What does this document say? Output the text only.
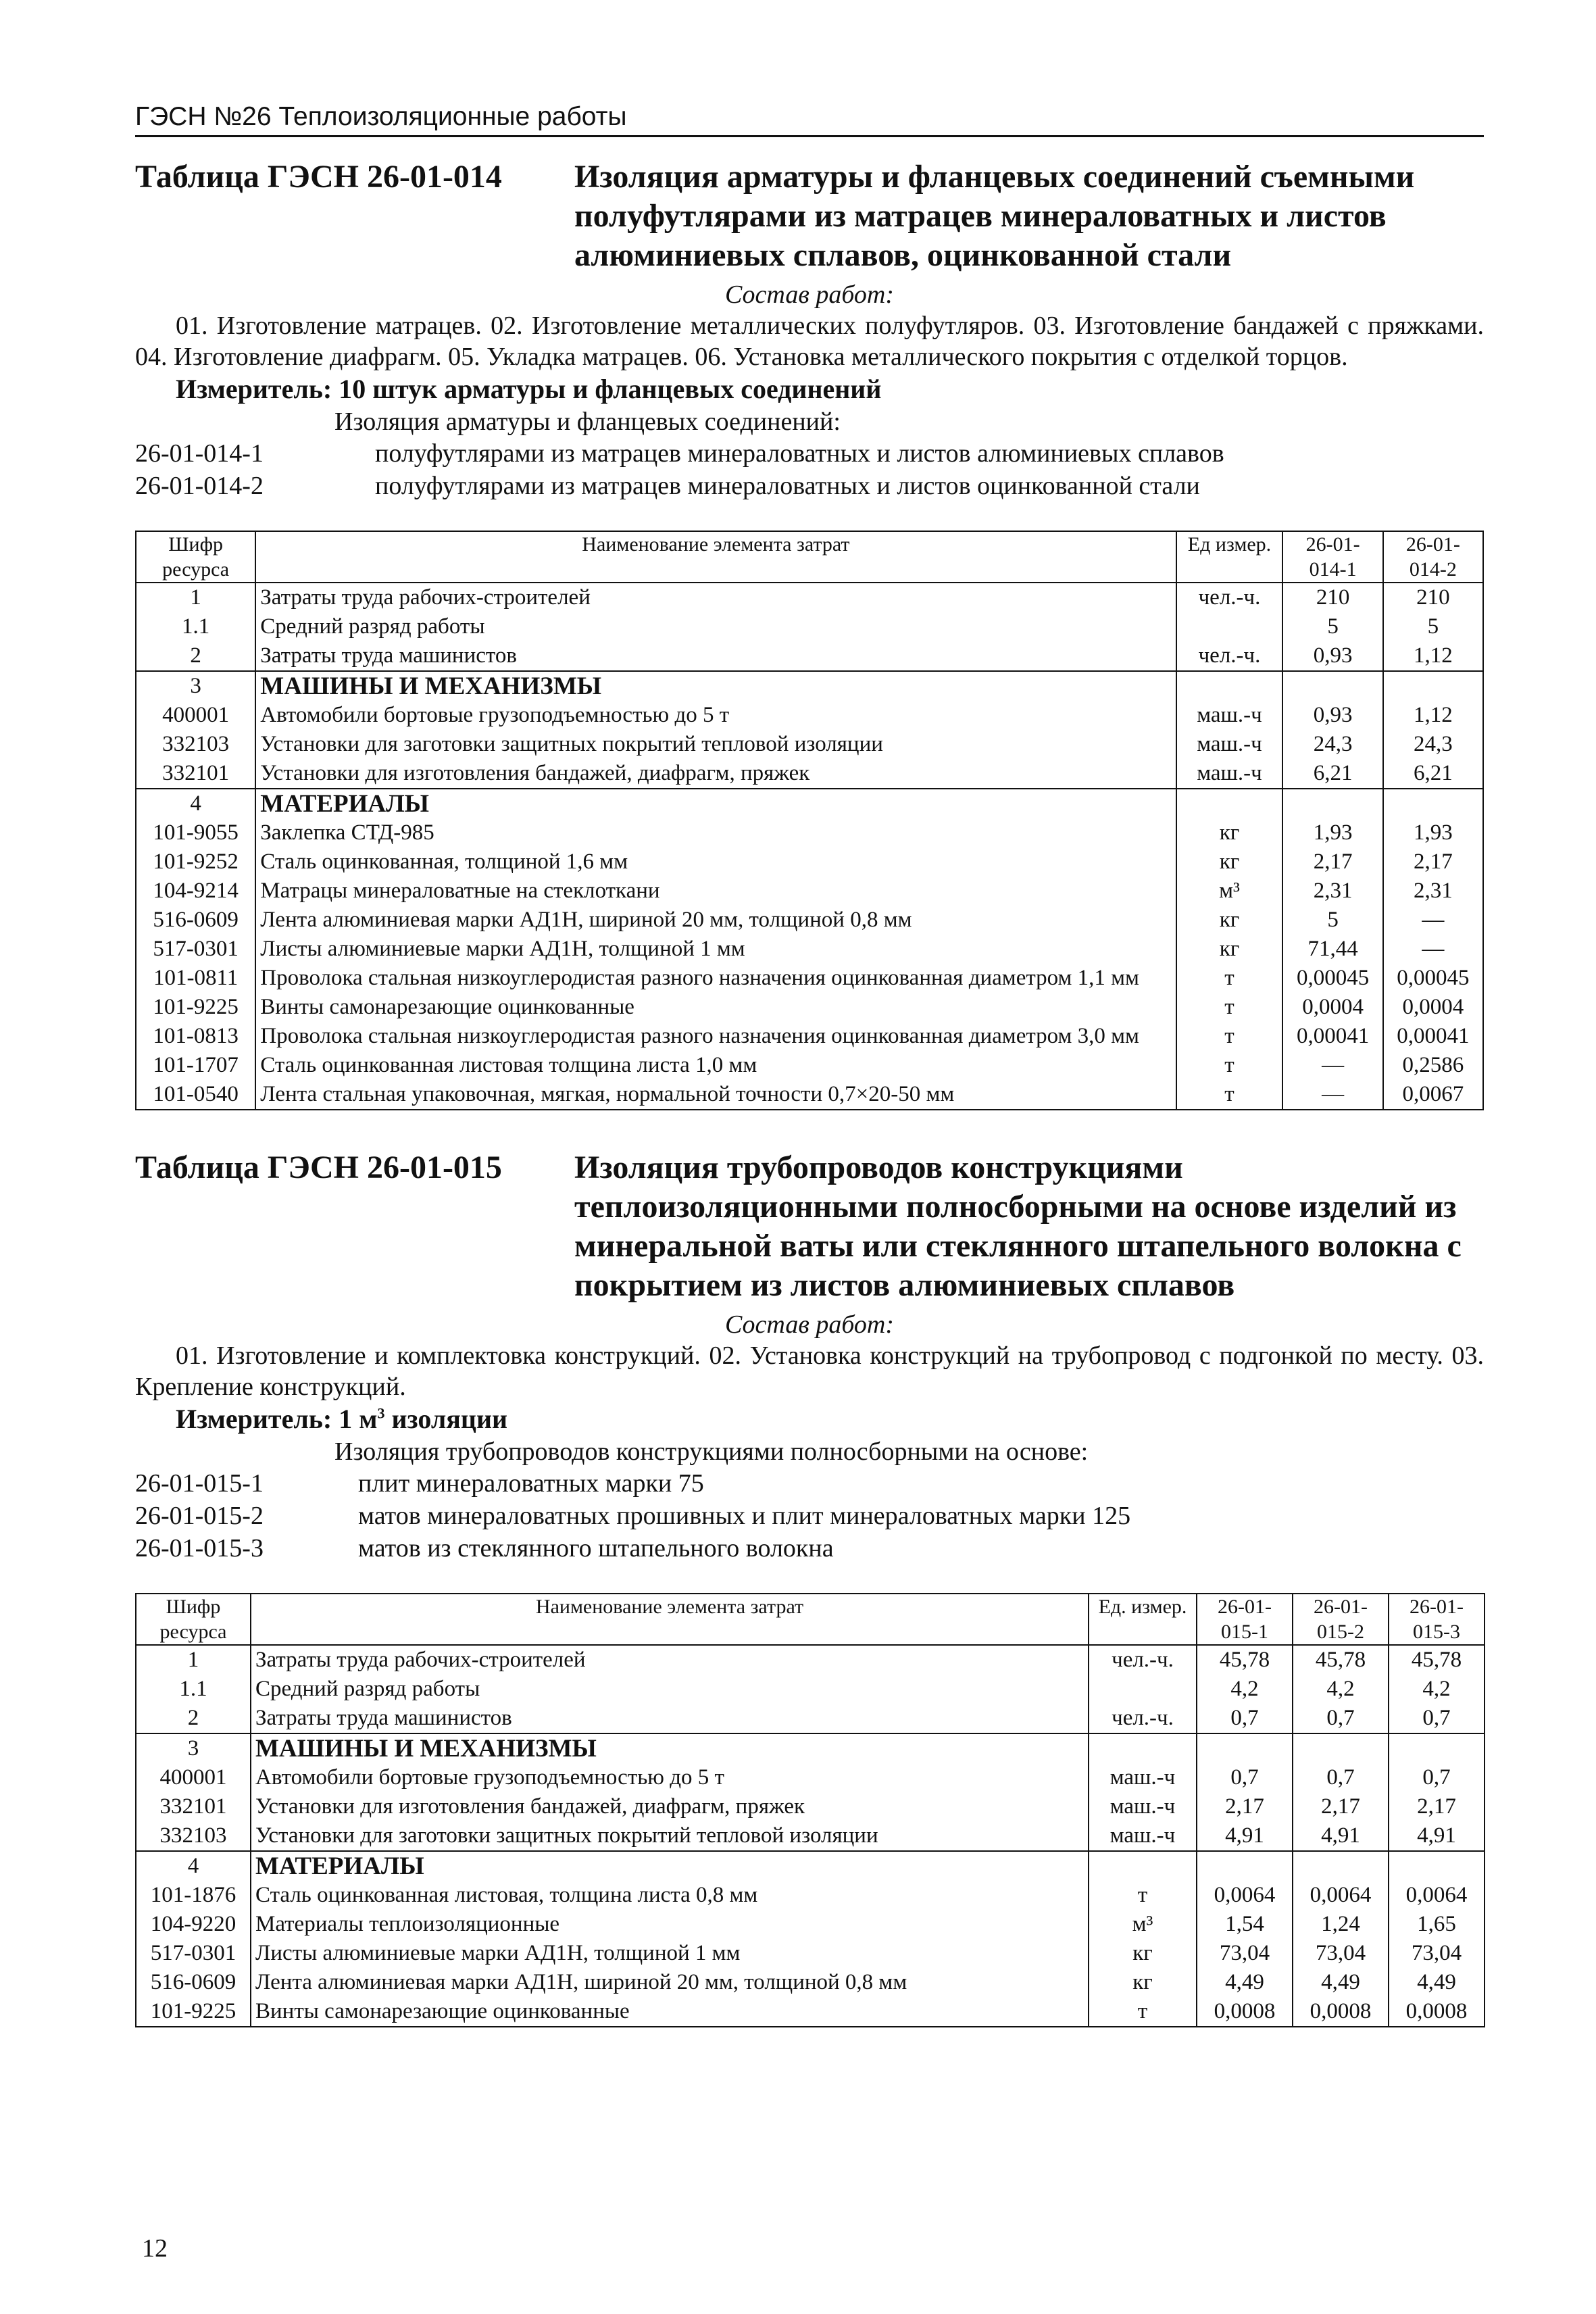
ГЭСН №26 Теплоизоляционные работы
Таблица ГЭСН 26-01-014	Изоляция арматуры и фланцевых соединений съемными полуфутлярами из матрацев минераловатных и листов алюминиевых сплавов, оцинкованной стали
Состав работ:
01. Изготовление матрацев. 02. Изготовление металлических полуфутляров. 03. Изготовление бандажей с пряжками. 04. Изготовление диафрагм. 05. Укладка матрацев. 06. Установка металлического покрытия с отделкой торцов.
Измеритель: 10 штук арматуры и фланцевых соединений
Изоляция арматуры и фланцевых соединений:
26-01-014-1	полуфутлярами из матрацев минераловатных и листов алюминиевых сплавов
26-01-014-2	полуфутлярами из матрацев минераловатных и листов оцинкованной стали
Шифр ресурса	Наименование элемента затрат	Ед измер.	26-01-014-1	26-01-014-2
1	Затраты труда рабочих-строителей	чел.-ч.	210	210
1.1	Средний разряд работы		5	5
2	Затраты труда машинистов	чел.-ч.	0,93	1,12
3	МАШИНЫ И МЕХАНИЗМЫ			
400001	Автомобили бортовые грузоподъемностью до 5 т	маш.-ч	0,93	1,12
332103	Установки для заготовки защитных покрытий тепловой изоляции	маш.-ч	24,3	24,3
332101	Установки для изготовления бандажей, диафрагм, пряжек	маш.-ч	6,21	6,21
4	МАТЕРИАЛЫ			
101-9055	Заклепка СТД-985	кг	1,93	1,93
101-9252	Сталь оцинкованная, толщиной 1,6 мм	кг	2,17	2,17
104-9214	Матрацы минераловатные на стеклоткани	м³	2,31	2,31
516-0609	Лента алюминиевая марки АД1Н, шириной 20 мм, толщиной 0,8 мм	кг	5	—
517-0301	Листы алюминиевые марки АД1Н, толщиной 1 мм	кг	71,44	—
101-0811	Проволока стальная низкоуглеродистая разного назначения оцинкованная диаметром 1,1 мм	т	0,00045	0,00045
101-9225	Винты самонарезающие оцинкованные	т	0,0004	0,0004
101-0813	Проволока стальная низкоуглеродистая разного назначения оцинкованная диаметром 3,0 мм	т	0,00041	0,00041
101-1707	Сталь оцинкованная листовая толщина листа 1,0 мм	т	—	0,2586
101-0540	Лента стальная упаковочная, мягкая, нормальной точности 0,7×20-50 мм	т	—	0,0067
Таблица ГЭСН 26-01-015	Изоляция трубопроводов конструкциями теплоизоляционными полносборными на основе изделий из минеральной ваты или стеклянного штапельного волокна с покрытием из листов алюминиевых сплавов
Состав работ:
01. Изготовление и комплектовка конструкций. 02. Установка конструкций на трубопровод с подгонкой по месту. 03. Крепление конструкций.
Измеритель: 1 $м^3$ изоляции
Изоляция трубопроводов конструкциями полносборными на основе:
26-01-015-1	плит минераловатных марки 75
26-01-015-2	матов минераловатных прошивных и плит минераловатных марки 125
26-01-015-3	матов из стеклянного штапельного волокна
Шифр ресурса	Наименование элемента затрат	Ед. измер.	26-01-015-1	26-01-015-2	26-01-015-3
1	Затраты труда рабочих-строителей	чел.-ч.	45,78	45,78	45,78
1.1	Средний разряд работы		4,2	4,2	4,2
2	Затраты труда машинистов	чел.-ч.	0,7	0,7	0,7
3	МАШИНЫ И МЕХАНИЗМЫ				
400001	Автомобили бортовые грузоподъемностью до 5 т	маш.-ч	0,7	0,7	0,7
332101	Установки для изготовления бандажей, диафрагм, пряжек	маш.-ч	2,17	2,17	2,17
332103	Установки для заготовки защитных покрытий тепловой изоляции	маш.-ч	4,91	4,91	4,91
4	МАТЕРИАЛЫ				
101-1876	Сталь оцинкованная листовая, толщина листа 0,8 мм	т	0,0064	0,0064	0,0064
104-9220	Материалы теплоизоляционные	м³	1,54	1,24	1,65
517-0301	Листы алюминиевые марки АД1Н, толщиной 1 мм	кг	73,04	73,04	73,04
516-0609	Лента алюминиевая марки АД1Н, шириной 20 мм, толщиной 0,8 мм	кг	4,49	4,49	4,49
101-9225	Винты самонарезающие оцинкованные	т	0,0008	0,0008	0,0008
12
